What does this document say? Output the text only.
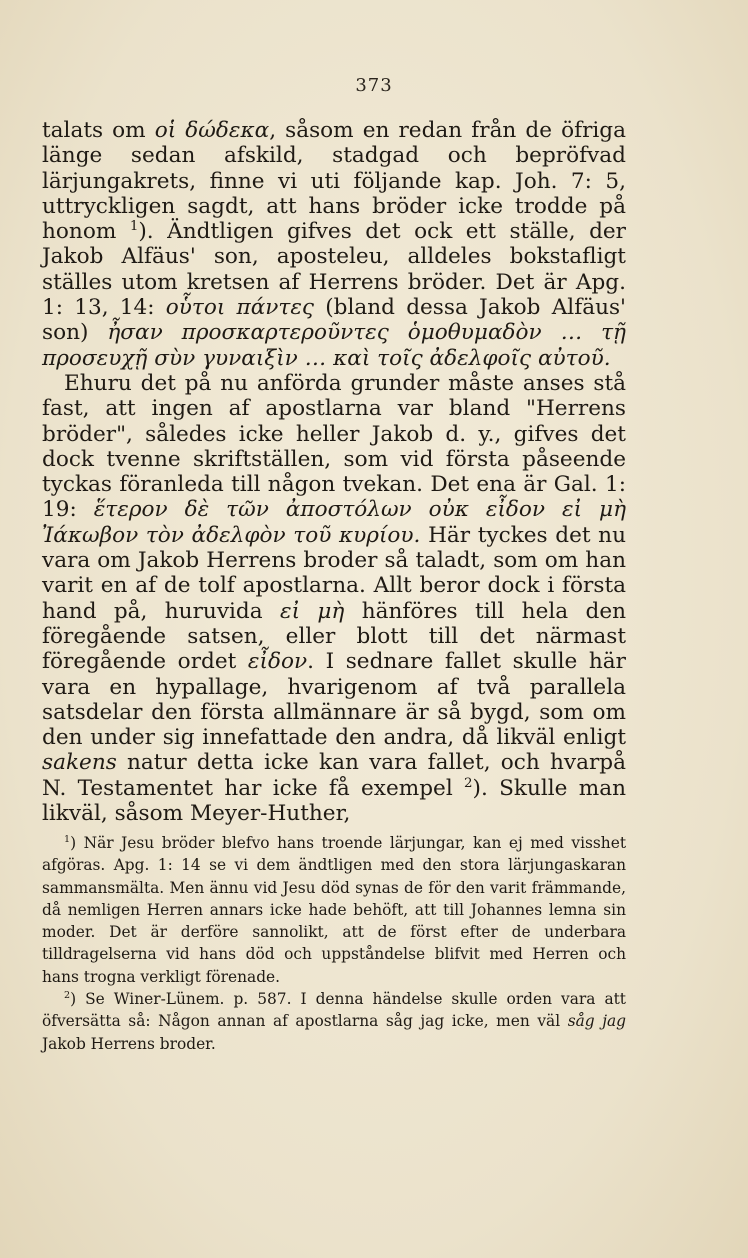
373

talats om οἱ δώδεκα, såsom en redan från de öfriga länge sedan afskild, stadgad och bepröfvad lärjungakrets, finne vi uti följande kap. Joh. 7: 5, uttryckligen sagdt, att hans bröder icke trodde på honom $^1$). Ändtligen gifves det ock ett ställe, der Jakob Alfäus' son, aposteleu, alldeles bokstafligt ställes utom kretsen af Herrens bröder. Det är Apg. 1: 13, 14: οὗτοι πάντες (bland dessa Jakob Alfäus' son) ἦσαν προσκαρτεροῦντες ὁμοθυμαδὸν … τῇ προσευχῇ σὺν γυναιξὶν … καὶ τοῖς ἀδελφοῖς αὐτοῦ.

Ehuru det på nu anförda grunder måste anses stå fast, att ingen af apostlarna var bland "Herrens bröder", således icke heller Jakob d. y., gifves det dock tvenne skriftställen, som vid första påseende tyckas föranleda till någon tvekan. Det ena är Gal. 1: 19: ἕτερον δὲ τῶν ἀποστόλων οὐκ εἶδον εἰ μὴ Ἰάκωβον τὸν ἀδελφὸν τοῦ κυρίου. Här tyckes det nu vara om Jakob Herrens broder så taladt, som om han varit en af de tolf apostlarna. Allt beror dock i första hand på, huruvida εἰ μὴ hänföres till hela den föregående satsen, eller blott till det närmast föregående ordet εἶδον. I sednare fallet skulle här vara en hypallage, hvarigenom af två parallela satsdelar den första allmännare är så bygd, som om den under sig innefattade den andra, då likväl enligt sakens natur detta icke kan vara fallet, och hvarpå N. Testamentet har icke få exempel $^2$). Skulle man likväl, såsom Meyer-Huther,

$^1$) När Jesu bröder blefvo hans troende lärjungar, kan ej med visshet afgöras. Apg. 1: 14 se vi dem ändtligen med den stora lärjungaskaran sammansmälta. Men ännu vid Jesu död synas de för den varit främmande, då nemligen Herren annars icke hade behöft, att till Johannes lemna sin moder. Det är derföre sannolikt, att de först efter de underbara tilldragelserna vid hans död och uppståndelse blifvit med Herren och hans trogna verkligt förenade.

$^2$) Se Winer-Lünem. p. 587. I denna händelse skulle orden vara att öfversätta så: Någon annan af apostlarna såg jag icke, men väl såg jag Jakob Herrens broder.
